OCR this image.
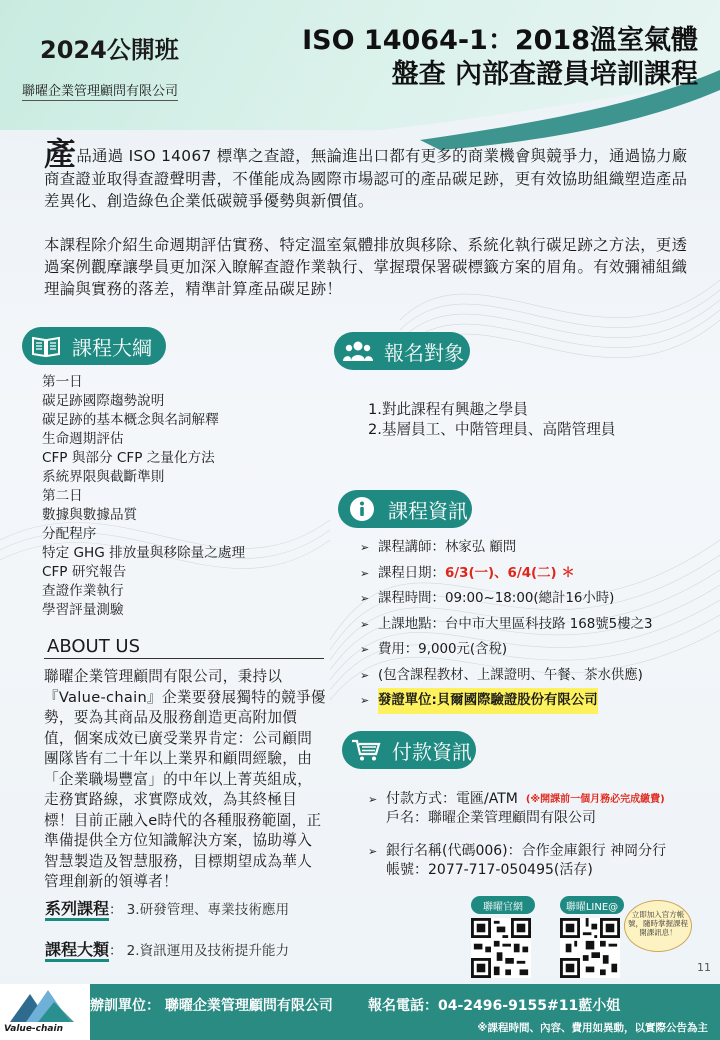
2024公開班
聯曜企業管理顧問有限公司
ISO 14064-1：2018溫室氣體
盤查 內部查證員培訓課程

產品通過 ISO 14067 標準之查證，無論進出口都有更多的商業機會與競爭力，通過協力廠商查證並取得查證聲明書，不僅能成為國際市場認可的產品碳足跡，更有效協助組織塑造產品差異化、創造綠色企業低碳競爭優勢與新價值。

本課程除介紹生命週期評估實務、特定溫室氣體排放與移除、系統化執行碳足跡之方法，更透過案例觀摩讓學員更加深入瞭解查證作業執行、掌握環保署碳標籤方案的眉角。有效彌補組織理論與實務的落差，精準計算產品碳足跡！

課程大綱
第一日
碳足跡國際趨勢說明
碳足跡的基本概念與名詞解釋
生命週期評估
CFP 與部分 CFP 之量化方法
系統界限與截斷準則
第二日
數據與數據品質
分配程序
特定 GHG 排放量與移除量之處理
CFP 研究報告
查證作業執行
學習評量測驗
ABOUT US
聯曜企業管理顧問有限公司，秉持以『Value-chain』企業要發展獨特的競爭優勢，要為其商品及服務創造更高附加價值，個案成效已廣受業界肯定：公司顧問團隊皆有二十年以上業界和顧問經驗，由「企業職場豐富」的中年以上菁英組成，走務實路線，求實際成效，為其終極目標！目前正融入e時代的各種服務範圍，正準備提供全方位知識解決方案，協助導入智慧製造及智慧服務，目標期望成為華人管理創新的領導者！
系列課程： 3.研發管理、專業技術應用
課程大類： 2.資訊運用及技術提升能力
報名對象
1.對此課程有興趣之學員
2.基層員工、中階管理員、高階管理員
課程資訊
➢ 課程講師：林家弘 顧問
➢ 課程日期： 6/3(一)、6/4(二) ＊
➢ 課程時間：09:00~18:00(總計16小時)
➢ 上課地點：台中市大里區科技路 168號5樓之3
➢ 費用：9,000元(含稅)
➢ (包含課程教材、上課證明、午餐、茶水供應)
➢ 發證單位:貝爾國際驗證股份有限公司
付款資訊
➢ 付款方式：電匯/ATM (※開課前一個月務必完成繳費)
戶名：聯曜企業管理顧問有限公司
➢ 銀行名稱(代碼006)：合作金庫銀行 神岡分行
帳號：2077-717-050495(活存)
聯曜官網	聯曜LINE@
立即加入官方帳號，隨時掌握課程開課訊息！
11
Value-chain
辦訓單位： 聯曜企業管理顧問有限公司	報名電話：04-2496-9155#11藍小姐
※課程時間、內容、費用如異動，以實際公告為主
